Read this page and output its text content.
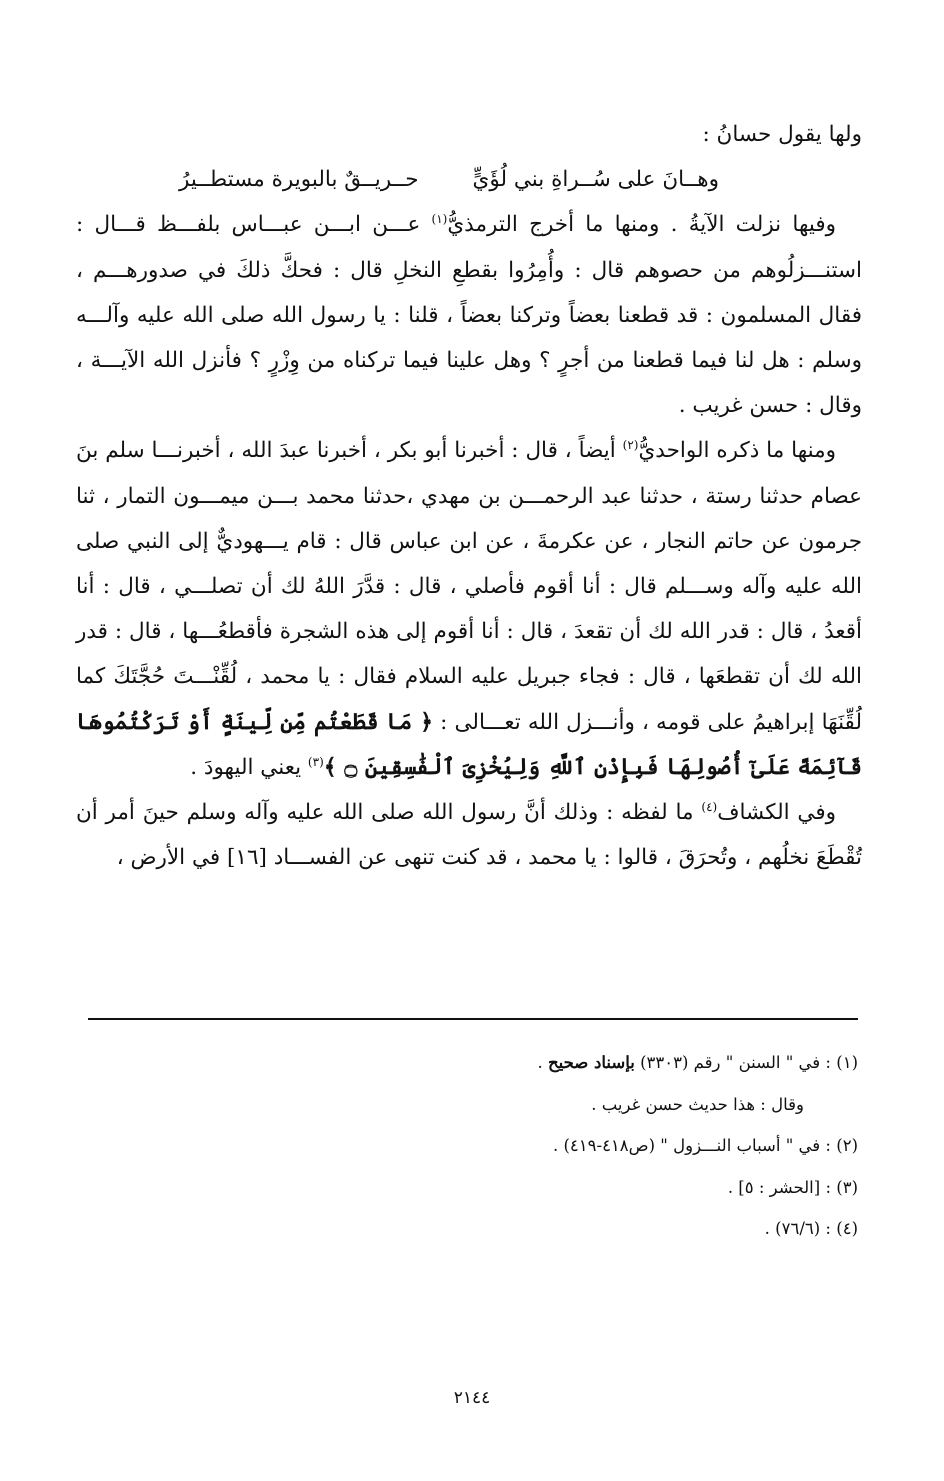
ولها يقول حسانُ :

وهــانَ على سُــراةِ بني لُؤَيٍّ
حــريــقٌ بالبويرة مستطــيرُ

وفيها نزلت الآيةُ . ومنها ما أخرج الترمذيُّ$^{(١)}$ عـــن ابـــن عبـــاس بلفـــظ قـــال : استنـــزلُوهم من حصوهم قال : وأُمِرُوا بقطعِ النخلِ قال : فحكَّ ذلكَ في صدورهـــم ، فقال المسلمون : قد قطعنا بعضاً وتركنا بعضاً ، قلنا : يا رسول الله صلى الله عليه وآلـــه وسلم : هل لنا فيما قطعنا من أجرٍ ؟ وهل علينا فيما تركناه من وِزْرٍ ؟ فأنزل الله الآيـــة ، وقال : حسن غريب .

ومنها ما ذكره الواحديُّ$^{(٢)}$ أيضاً ، قال : أخبرنا أبو بكر ، أخبرنا عبدَ الله ، أخبرنـــا سلم بنَ عصام حدثنا رستة ، حدثنا عبد الرحمـــن بن مهدي ،حدثنا محمد بـــن ميمـــون التمار ، ثنا جرمون عن حاتم النجار ، عن عكرمةَ ، عن ابن عباس قال : قام يـــهوديٌّ إلى النبي صلى الله عليه وآله وســـلم قال : أنا أقوم فأصلي ، قال : قدَّرَ اللهُ لك أن تصلـــي ، قال : أنا أقعدُ ، قال : قدر الله لك أن تقعدَ ، قال : أنا أقوم إلى هذه الشجرة فأقطعُـــها ، قال : قدر الله لك أن تقطعَها ، قال : فجاء جبريل عليه السلام فقال : يا محمد ، لُقِّنْـــتَ حُجَّتَكَ كما لُقِّنَهَا إبراهيمُ على قومه ، وأنـــزل الله تعـــالى : ﴿ مَا قَطَعْتُم مِّن لِّينَةٍ أَوْ تَرَكْتُمُوهَا قَآئِمَةً عَلَىٰٓ أُصُولِهَا فَبِإِذْنِ ٱللَّهِ وَلِيُخْزِىَ ٱلْفَٰسِقِينَ ۝ ﴾$^{(٣)}$ يعني اليهودَ .

وفي الكشاف$^{(٤)}$ ما لفظه : وذلك أنَّ رسول الله صلى الله عليه وآله وسلم حينَ أمر أن تُقْطَعَ نخلُهم ، وتُحرَقَ ، قالوا : يا محمد ، قد كنت تنهى عن الفســـاد [١٦] في الأرض ،

(١) : في " السنن " رقم (٣٣٠٣) بإسناد صحيح .

وقال : هذا حديث حسن غريب .

(٢) : في " أسباب النـــزول " (ص٤١٨-٤١٩) .

(٣) : [الحشر : ٥] .

(٤) : (٧٦/٦) .

٢١٤٤
